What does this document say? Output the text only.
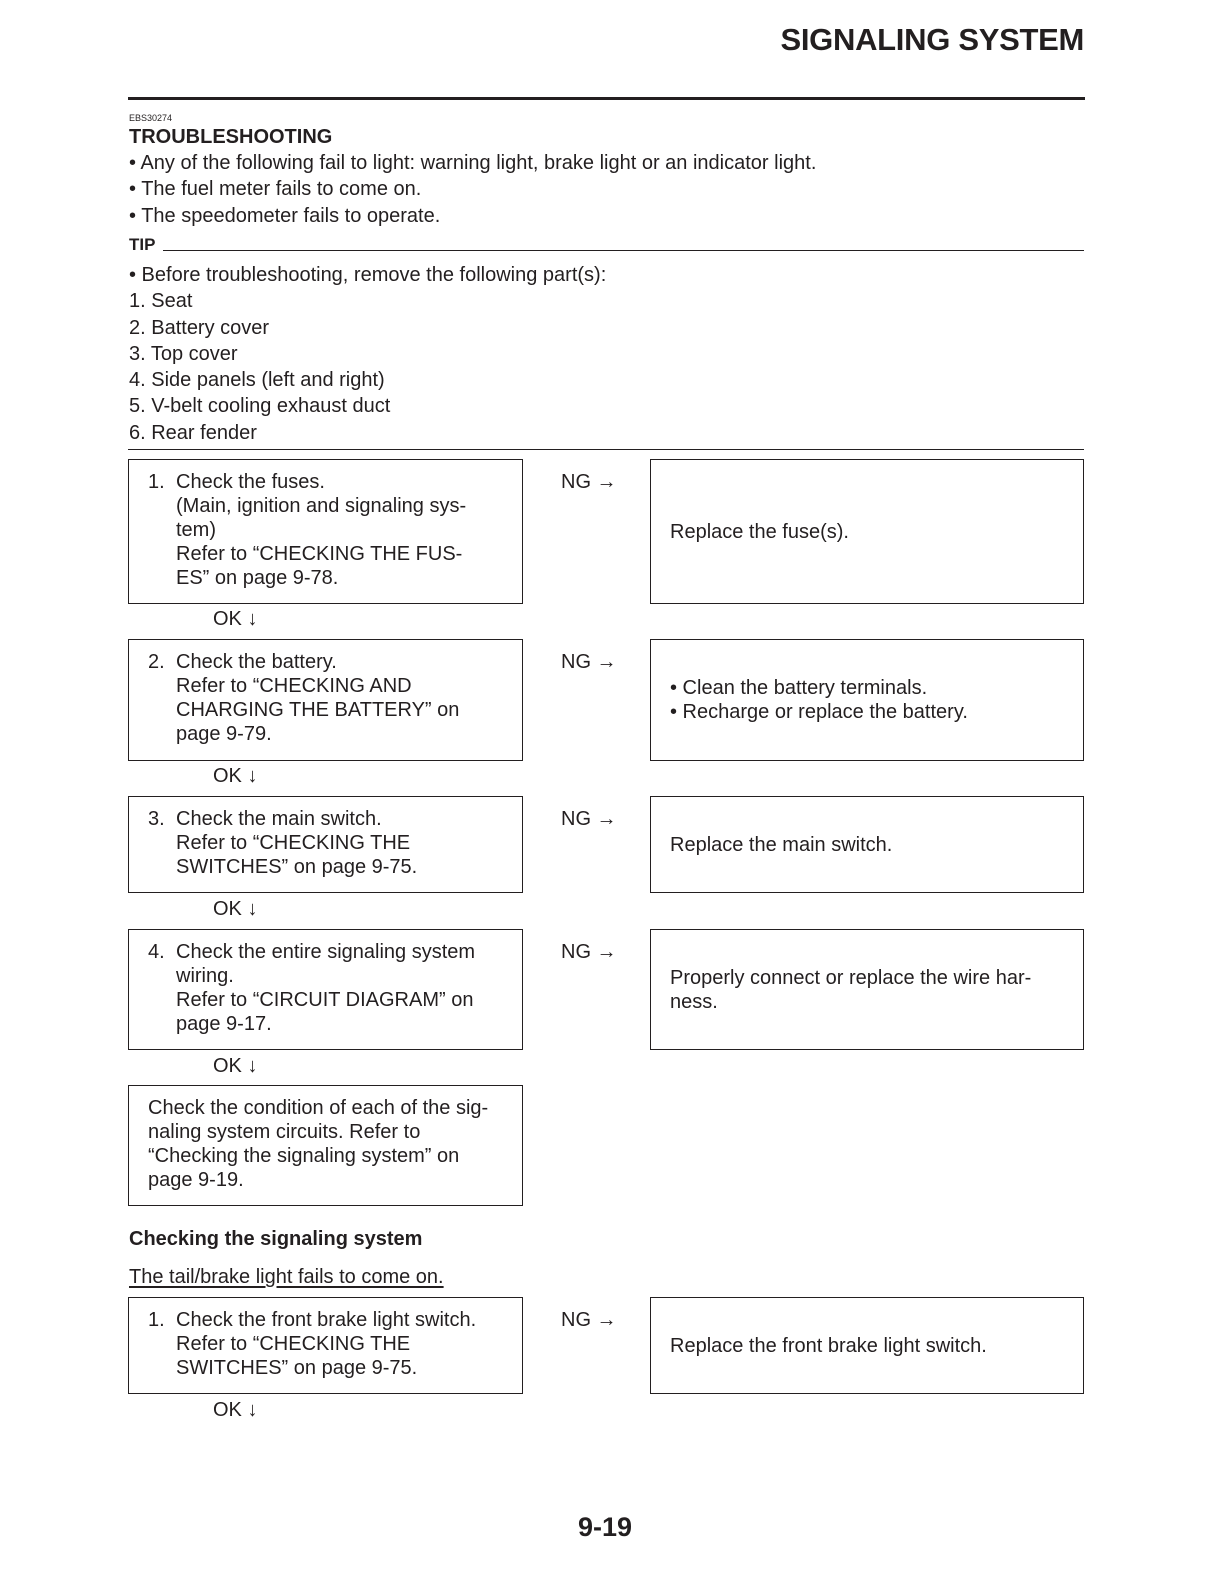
SIGNALING SYSTEM
EBS30274
TROUBLESHOOTING
• Any of the following fail to light: warning light, brake light or an indicator light.
• The fuel meter fails to come on.
• The speedometer fails to operate.
TIP
• Before troubleshooting, remove the following part(s):
1. Seat
2. Battery cover
3. Top cover
4. Side panels (left and right)
5. V-belt cooling exhaust duct
6. Rear fender
1. Check the fuses.
(Main, ignition and signaling sys-
tem)
Refer to “CHECKING THE FUS-
ES” on page 9-78.
NG →
Replace the fuse(s).
OK ↓
2. Check the battery.
Refer to “CHECKING AND
CHARGING THE BATTERY” on
page 9-79.
NG →
• Clean the battery terminals.
• Recharge or replace the battery.
OK ↓
3. Check the main switch.
Refer to “CHECKING THE
SWITCHES” on page 9-75.
NG →
Replace the main switch.
OK ↓
4. Check the entire signaling system
wiring.
Refer to “CIRCUIT DIAGRAM” on
page 9-17.
NG →
Properly connect or replace the wire har-
ness.
OK ↓
Check the condition of each of the sig-
naling system circuits. Refer to
“Checking the signaling system” on
page 9-19.
Checking the signaling system
The tail/brake light fails to come on.
1. Check the front brake light switch.
Refer to “CHECKING THE
SWITCHES” on page 9-75.
NG →
Replace the front brake light switch.
OK ↓
9-19
